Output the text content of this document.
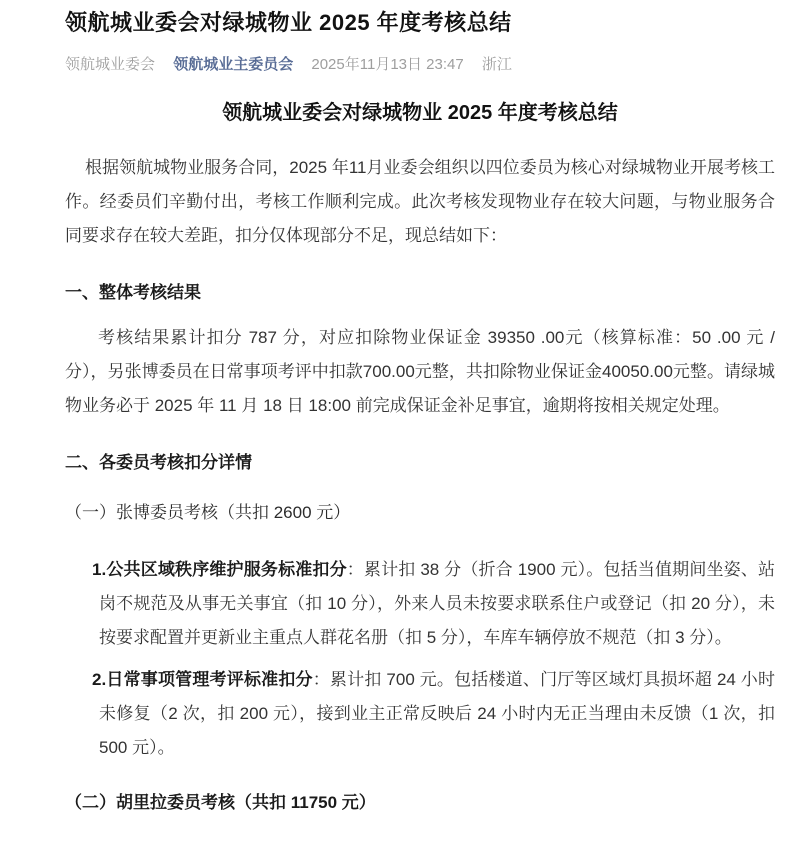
领航城业委会对绿城物业 2025 年度考核总结
领航城业委会 领航城业主委员会 2025年11月13日 23:47 浙江
领航城业委会对绿城物业 2025 年度考核总结

根据领航城物业服务合同，2025 年11月业委会组织以四位委员为核心对绿城物业开展考核工作。经委员们辛勤付出，考核工作顺利完成。此次考核发现物业存在较大问题，与物业服务合同要求存在较大差距，扣分仅体现部分不足，现总结如下：

一、整体考核结果

考核结果累计扣分 787 分，对应扣除物业保证金 39350 .00元（核算标准：50 .00 元 / 分），另张博委员在日常事项考评中扣款700.00元整，共扣除物业保证金40050.00元整。请绿城物业务必于 2025 年 11 月 18 日 18:00 前完成保证金补足事宜，逾期将按相关规定处理。

二、各委员考核扣分详情

（一）张博委员考核（共扣 2600 元）

1.公共区域秩序维护服务标准扣分：累计扣 38 分（折合 1900 元）。包括当值期间坐姿、站岗不规范及从事无关事宜（扣 10 分），外来人员未按要求联系住户或登记（扣 20 分），未按要求配置并更新业主重点人群花名册（扣 5 分），车库车辆停放不规范（扣 3 分）。
2.日常事项管理考评标准扣分：累计扣 700 元。包括楼道、门厅等区域灯具损坏超 24 小时未修复（2 次，扣 200 元），接到业主正常反映后 24 小时内无正当理由未反馈（1 次，扣 500 元）。

（二）胡里拉委员考核（共扣 11750 元）
